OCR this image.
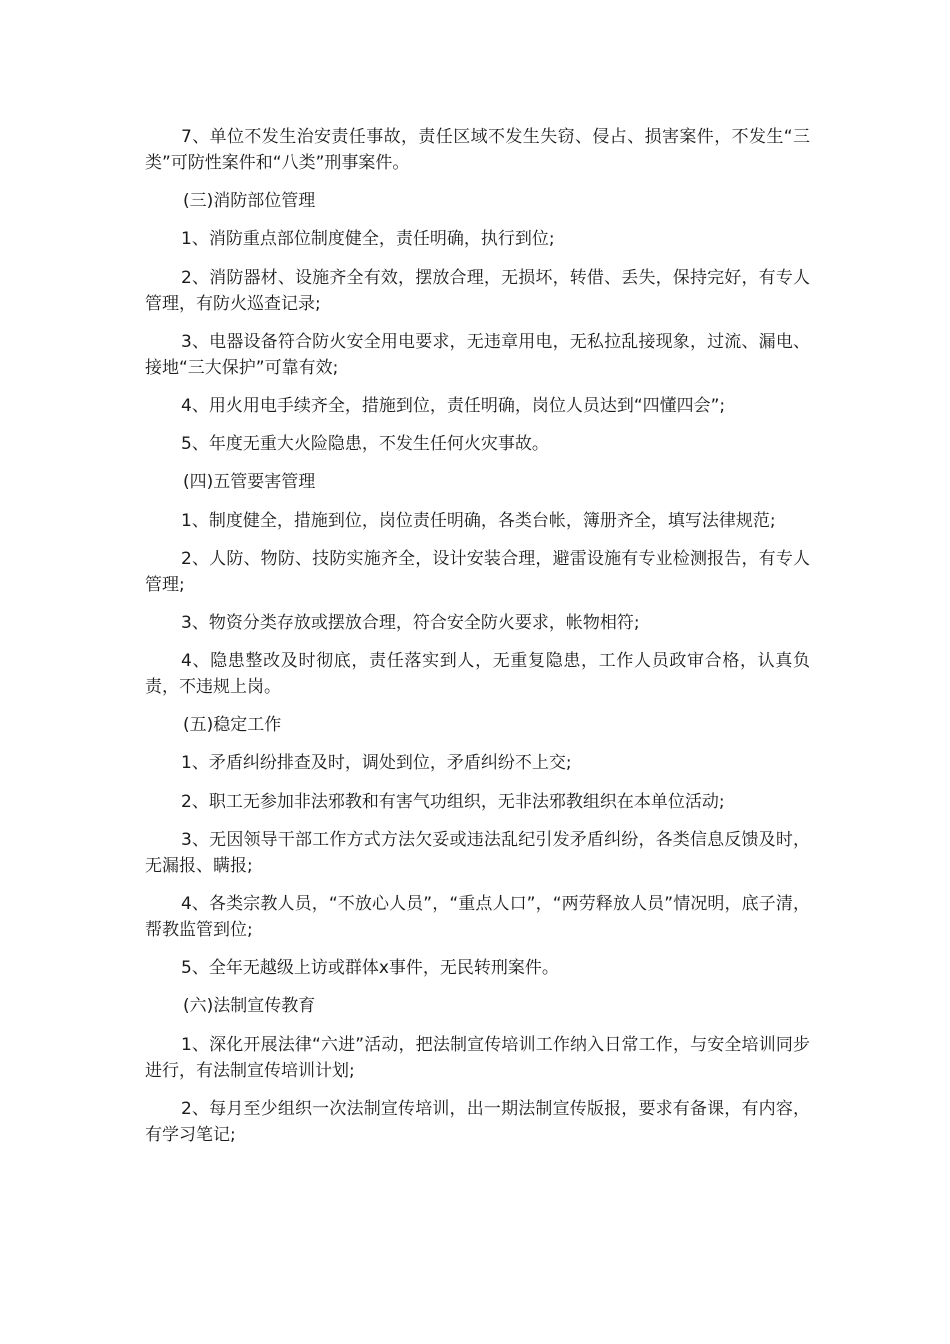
7、单位不发生治安责任事故，责任区域不发生失窃、侵占、损害案件，不发生“三类”可防性案件和“八类”刑事案件。

(三)消防部位管理

1、消防重点部位制度健全，责任明确，执行到位;

2、消防器材、设施齐全有效，摆放合理，无损坏，转借、丢失，保持完好，有专人管理，有防火巡查记录;

3、电器设备符合防火安全用电要求，无违章用电，无私拉乱接现象，过流、漏电、接地“三大保护”可靠有效;

4、用火用电手续齐全，措施到位，责任明确，岗位人员达到“四懂四会”;

5、年度无重大火险隐患，不发生任何火灾事故。

(四)五管要害管理

1、制度健全，措施到位，岗位责任明确，各类台帐，簿册齐全，填写法律规范;

2、人防、物防、技防实施齐全，设计安装合理，避雷设施有专业检测报告，有专人管理;

3、物资分类存放或摆放合理，符合安全防火要求，帐物相符;

4、隐患整改及时彻底，责任落实到人，无重复隐患，工作人员政审合格，认真负责，不违规上岗。

(五)稳定工作

1、矛盾纠纷排查及时，调处到位，矛盾纠纷不上交;

2、职工无参加非法邪教和有害气功组织，无非法邪教组织在本单位活动;

3、无因领导干部工作方式方法欠妥或违法乱纪引发矛盾纠纷，各类信息反馈及时，无漏报、瞒报;

4、各类宗教人员，“不放心人员”，“重点人口”，“两劳释放人员”情况明，底子清，帮教监管到位;

5、全年无越级上访或群体x事件，无民转刑案件。

(六)法制宣传教育

1、深化开展法律“六进”活动，把法制宣传培训工作纳入日常工作，与安全培训同步进行，有法制宣传培训计划;

2、每月至少组织一次法制宣传培训，出一期法制宣传版报，要求有备课，有内容，有学习笔记;
